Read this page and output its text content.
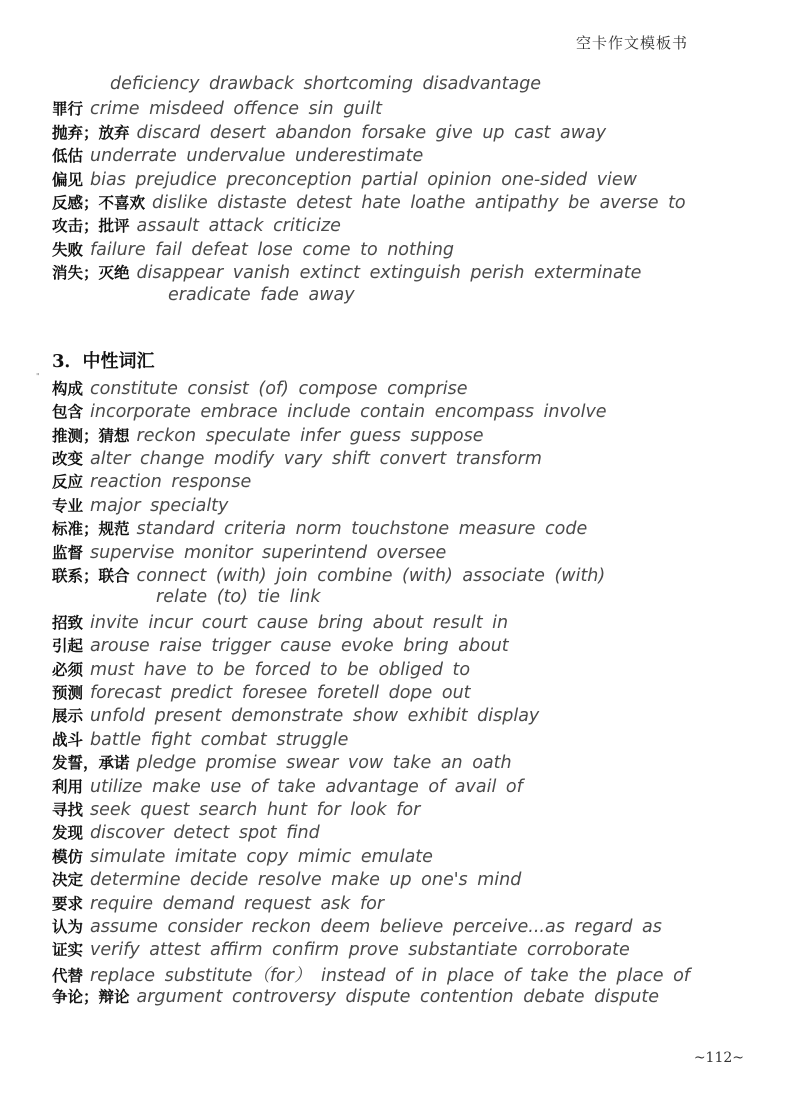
空卡作文模板书
"
deficiency drawback shortcoming disadvantage
罪行 crime misdeed offence sin guilt
抛弃；放弃 discard desert abandon forsake give up cast away
低估 underrate undervalue underestimate
偏见 bias prejudice preconception partial opinion one-sided view
反感；不喜欢 dislike distaste detest hate loathe antipathy be averse to
攻击；批评 assault attack criticize
失败 failure fail defeat lose come to nothing
消失；灭绝 disappear vanish extinct extinguish perish exterminate
eradicate fade away
3．中性词汇
构成 constitute consist (of) compose comprise
包含 incorporate embrace include contain encompass involve
推测；猜想 reckon speculate infer guess suppose
改变 alter change modify vary shift convert transform
反应 reaction response
专业 major specialty
标准；规范 standard criteria norm touchstone measure code
监督 supervise monitor superintend oversee
联系；联合 connect (with) join combine (with) associate (with)
relate (to) tie link
招致 invite incur court cause bring about result in
引起 arouse raise trigger cause evoke bring about
必须 must have to be forced to be obliged to
预测 forecast predict foresee foretell dope out
展示 unfold present demonstrate show exhibit display
战斗 battle fight combat struggle
发誓，承诺 pledge promise swear vow take an oath
利用 utilize make use of take advantage of avail of
寻找 seek quest search hunt for look for
发现 discover detect spot find
模仿 simulate imitate copy mimic emulate
决定 determine decide resolve make up one's mind
要求 require demand request ask for
认为 assume consider reckon deem believe perceive...as regard as
证实 verify attest affirm confirm prove substantiate corroborate
代替 replace substitute（for） instead of in place of take the place of
争论；辩论 argument controversy dispute contention debate dispute
~112~
